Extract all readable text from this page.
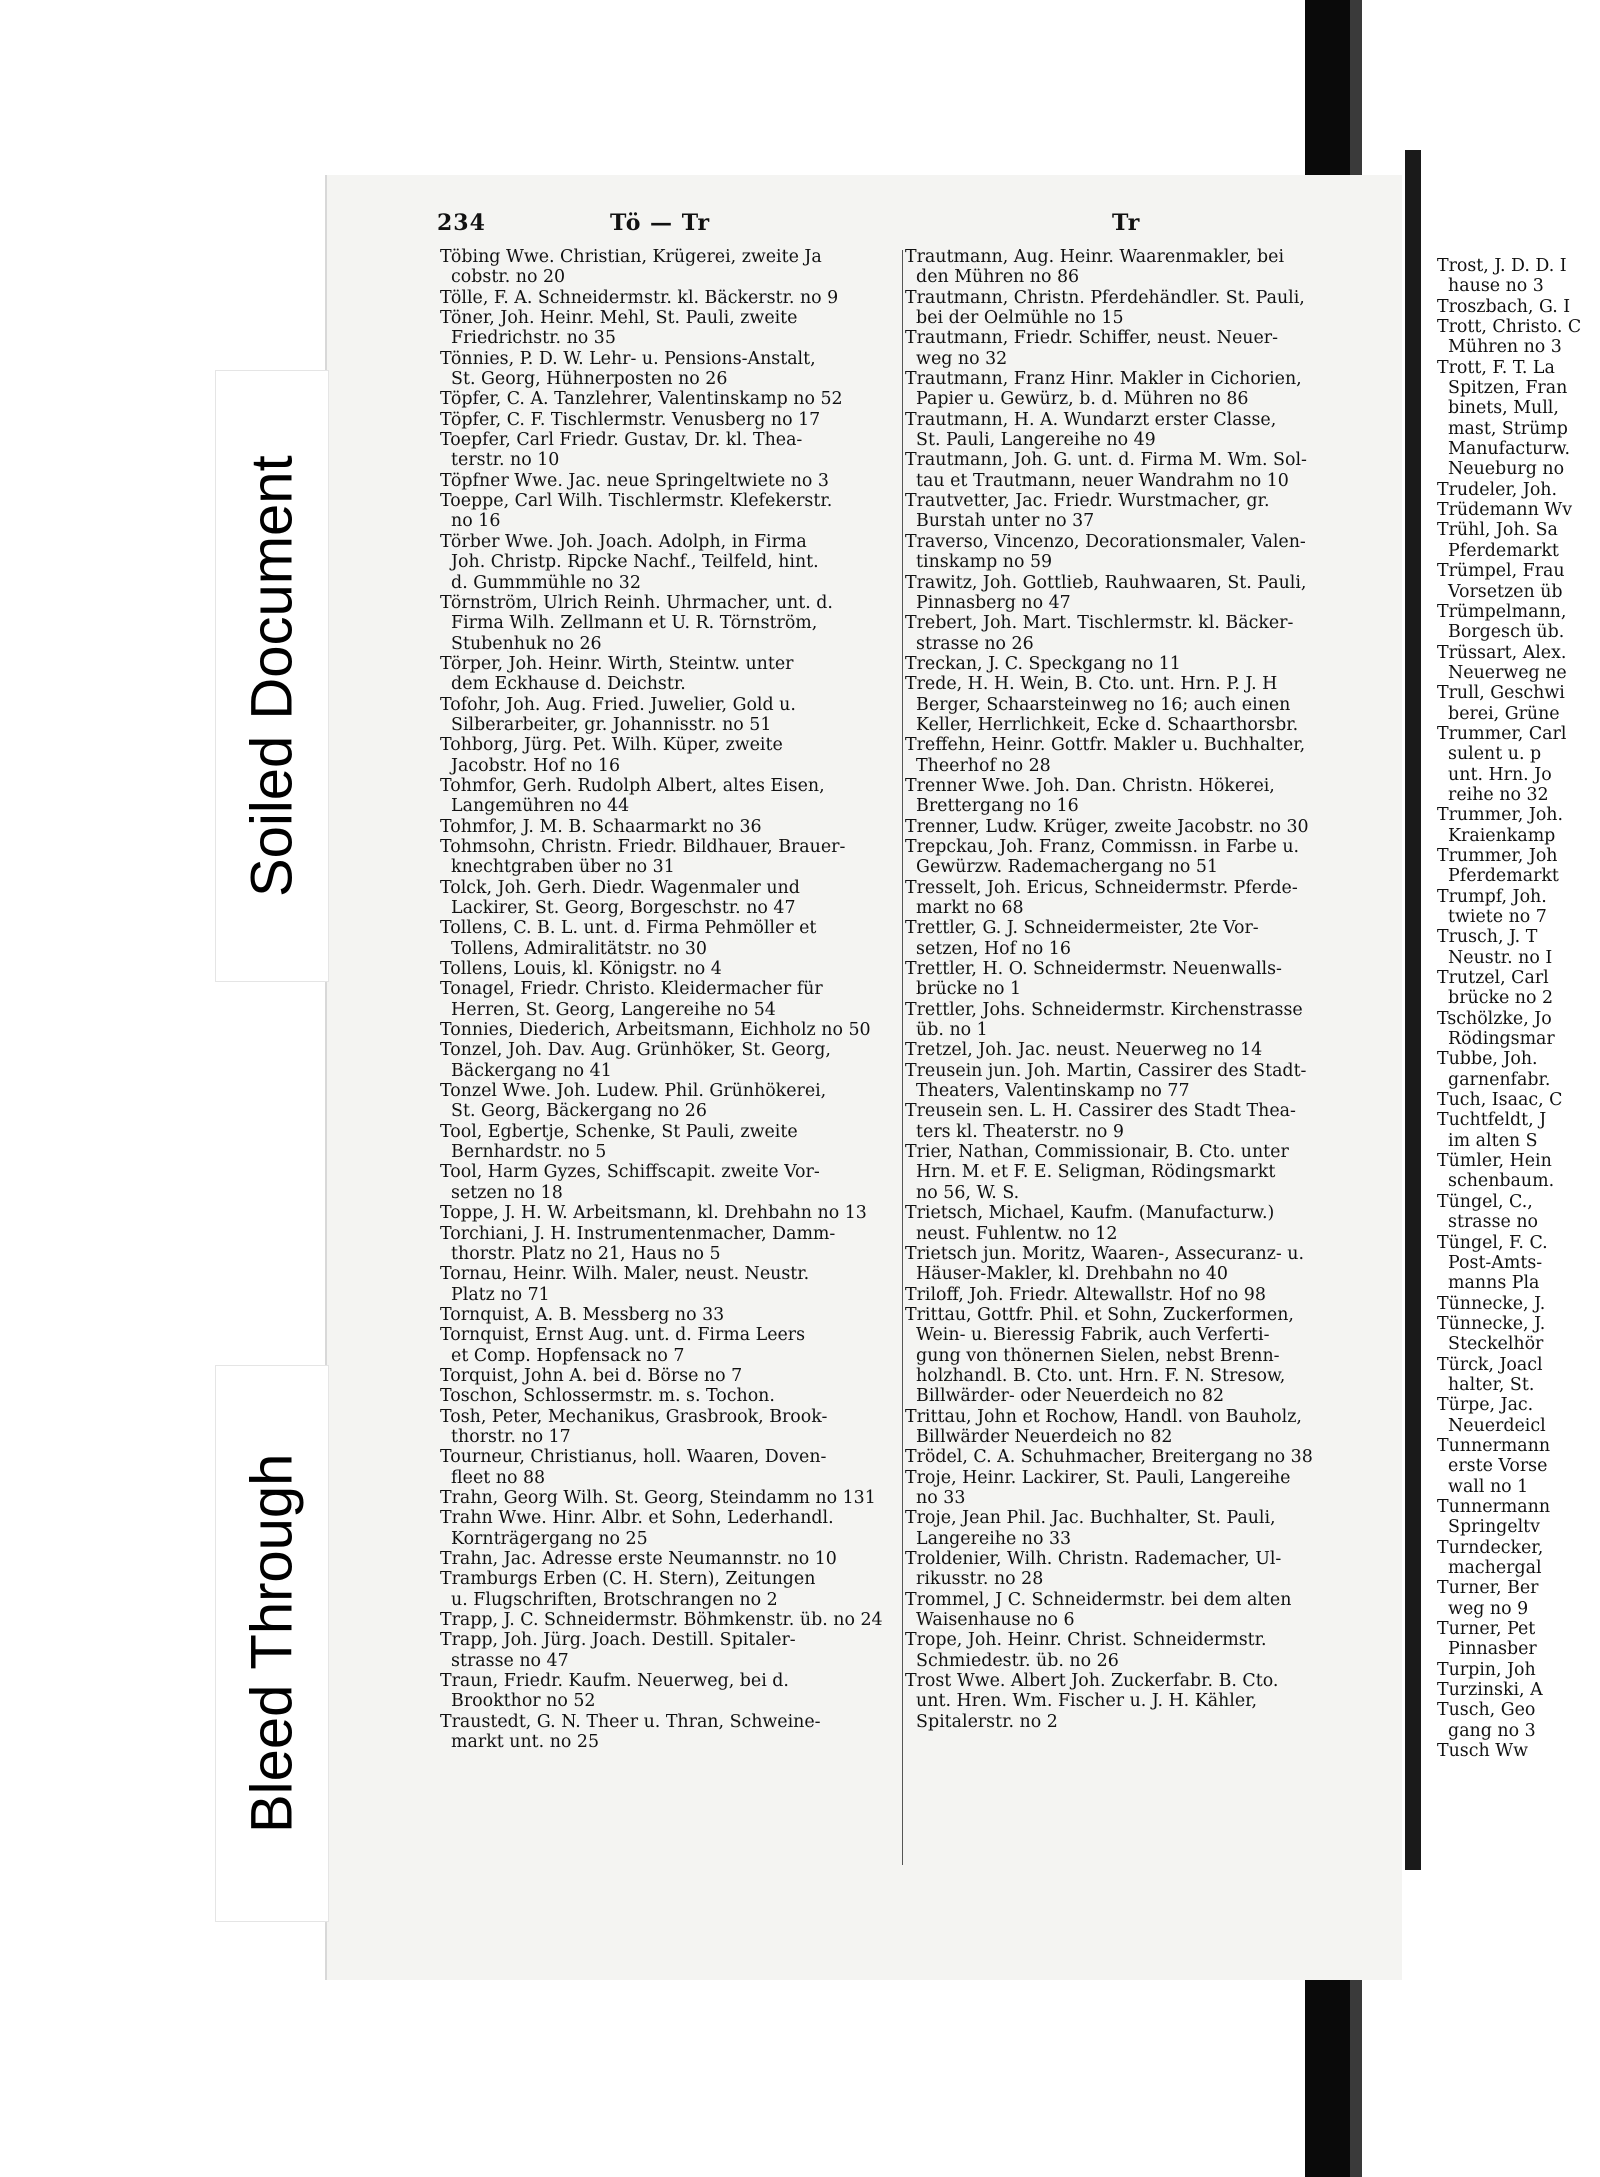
Soiled Document
Bleed Through
234	Tö — Tr	Tr
Töbing Wwe. Christian, Krügerei, zweite Ja
cobstr. no 20
Tölle, F. A. Schneidermstr. kl. Bäckerstr. no 9
Töner, Joh. Heinr. Mehl, St. Pauli, zweite
Friedrichstr. no 35
Tönnies, P. D. W. Lehr- u. Pensions-Anstalt,
St. Georg, Hühnerposten no 26
Töpfer, C. A. Tanzlehrer, Valentinskamp no 52
Töpfer, C. F. Tischlermstr. Venusberg no 17
Toepfer, Carl Friedr. Gustav, Dr. kl. Thea-
terstr. no 10
Töpfner Wwe. Jac. neue Springeltwiete no 3
Toeppe, Carl Wilh. Tischlermstr. Klefekerstr.
no 16
Törber Wwe. Joh. Joach. Adolph, in Firma
Joh. Christp. Ripcke Nachf., Teilfeld, hint.
d. Gummmühle no 32
Törnström, Ulrich Reinh. Uhrmacher, unt. d.
Firma Wilh. Zellmann et U. R. Törnström,
Stubenhuk no 26
Törper, Joh. Heinr. Wirth, Steintw. unter
dem Eckhause d. Deichstr.
Tofohr, Joh. Aug. Fried. Juwelier, Gold u.
Silberarbeiter, gr. Johannisstr. no 51
Tohborg, Jürg. Pet. Wilh. Küper, zweite
Jacobstr. Hof no 16
Tohmfor, Gerh. Rudolph Albert, altes Eisen,
Langemühren no 44
Tohmfor, J. M. B. Schaarmarkt no 36
Tohmsohn, Christn. Friedr. Bildhauer, Brauer-
knechtgraben über no 31
Tolck, Joh. Gerh. Diedr. Wagenmaler und
Lackirer, St. Georg, Borgeschstr. no 47
Tollens, C. B. L. unt. d. Firma Pehmöller et
Tollens, Admiralitätstr. no 30
Tollens, Louis, kl. Königstr. no 4
Tonagel, Friedr. Christo. Kleidermacher für
Herren, St. Georg, Langereihe no 54
Tonnies, Diederich, Arbeitsmann, Eichholz no 50
Tonzel, Joh. Dav. Aug. Grünhöker, St. Georg,
Bäckergang no 41
Tonzel Wwe. Joh. Ludew. Phil. Grünhökerei,
St. Georg, Bäckergang no 26
Tool, Egbertje, Schenke, St Pauli, zweite
Bernhardstr. no 5
Tool, Harm Gyzes, Schiffscapit. zweite Vor-
setzen no 18
Toppe, J. H. W. Arbeitsmann, kl. Drehbahn no 13
Torchiani, J. H. Instrumentenmacher, Damm-
thorstr. Platz no 21, Haus no 5
Tornau, Heinr. Wilh. Maler, neust. Neustr.
Platz no 71
Tornquist, A. B. Messberg no 33
Tornquist, Ernst Aug. unt. d. Firma Leers
et Comp. Hopfensack no 7
Torquist, John A. bei d. Börse no 7
Toschon, Schlossermstr. m. s. Tochon.
Tosh, Peter, Mechanikus, Grasbrook, Brook-
thorstr. no 17
Tourneur, Christianus, holl. Waaren, Doven-
fleet no 88
Trahn, Georg Wilh. St. Georg, Steindamm no 131
Trahn Wwe. Hinr. Albr. et Sohn, Lederhandl.
Kornträgergang no 25
Trahn, Jac. Adresse erste Neumannstr. no 10
Tramburgs Erben (C. H. Stern), Zeitungen
u. Flugschriften, Brotschrangen no 2
Trapp, J. C. Schneidermstr. Böhmkenstr. üb. no 24
Trapp, Joh. Jürg. Joach. Destill. Spitaler-
strasse no 47
Traun, Friedr. Kaufm. Neuerweg, bei d.
Brookthor no 52
Traustedt, G. N. Theer u. Thran, Schweine-
markt unt. no 25
Trautmann, Aug. Heinr. Waarenmakler, bei
den Mühren no 86
Trautmann, Christn. Pferdehändler. St. Pauli,
bei der Oelmühle no 15
Trautmann, Friedr. Schiffer, neust. Neuer-
weg no 32
Trautmann, Franz Hinr. Makler in Cichorien,
Papier u. Gewürz, b. d. Mühren no 86
Trautmann, H. A. Wundarzt erster Classe,
St. Pauli, Langereihe no 49
Trautmann, Joh. G. unt. d. Firma M. Wm. Sol-
tau et Trautmann, neuer Wandrahm no 10
Trautvetter, Jac. Friedr. Wurstmacher, gr.
Burstah unter no 37
Traverso, Vincenzo, Decorationsmaler, Valen-
tinskamp no 59
Trawitz, Joh. Gottlieb, Rauhwaaren, St. Pauli,
Pinnasberg no 47
Trebert, Joh. Mart. Tischlermstr. kl. Bäcker-
strasse no 26
Treckan, J. C. Speckgang no 11
Trede, H. H. Wein, B. Cto. unt. Hrn. P. J. H
Berger, Schaarsteinweg no 16; auch einen
Keller, Herrlichkeit, Ecke d. Schaarthorsbr.
Treffehn, Heinr. Gottfr. Makler u. Buchhalter,
Theerhof no 28
Trenner Wwe. Joh. Dan. Christn. Hökerei,
Brettergang no 16
Trenner, Ludw. Krüger, zweite Jacobstr. no 30
Trepckau, Joh. Franz, Commissn. in Farbe u.
Gewürzw. Rademachergang no 51
Tresselt, Joh. Ericus, Schneidermstr. Pferde-
markt no 68
Trettler, G. J. Schneidermeister, 2te Vor-
setzen, Hof no 16
Trettler, H. O. Schneidermstr. Neuenwalls-
brücke no 1
Trettler, Johs. Schneidermstr. Kirchenstrasse
üb. no 1
Tretzel, Joh. Jac. neust. Neuerweg no 14
Treusein jun. Joh. Martin, Cassirer des Stadt-
Theaters, Valentinskamp no 77
Treusein sen. L. H. Cassirer des Stadt Thea-
ters kl. Theaterstr. no 9
Trier, Nathan, Commissionair, B. Cto. unter
Hrn. M. et F. E. Seligman, Rödingsmarkt
no 56, W. S.
Trietsch, Michael, Kaufm. (Manufacturw.)
neust. Fuhlentw. no 12
Trietsch jun. Moritz, Waaren-, Assecuranz- u.
Häuser-Makler, kl. Drehbahn no 40
Triloff, Joh. Friedr. Altewallstr. Hof no 98
Trittau, Gottfr. Phil. et Sohn, Zuckerformen,
Wein- u. Bieressig Fabrik, auch Verferti-
gung von thönernen Sielen, nebst Brenn-
holzhandl. B. Cto. unt. Hrn. F. N. Stresow,
Billwärder- oder Neuerdeich no 82
Trittau, John et Rochow, Handl. von Bauholz,
Billwärder Neuerdeich no 82
Trödel, C. A. Schuhmacher, Breitergang no 38
Troje, Heinr. Lackirer, St. Pauli, Langereihe
no 33
Troje, Jean Phil. Jac. Buchhalter, St. Pauli,
Langereihe no 33
Troldenier, Wilh. Christn. Rademacher, Ul-
rikusstr. no 28
Trommel, J C. Schneidermstr. bei dem alten
Waisenhause no 6
Trope, Joh. Heinr. Christ. Schneidermstr.
Schmiedestr. üb. no 26
Trost Wwe. Albert Joh. Zuckerfabr. B. Cto.
unt. Hren. Wm. Fischer u. J. H. Kähler,
Spitalerstr. no 2
Trost, J. D. D. I
hause no 3
Troszbach, G. I
Trott, Christo. C
Mühren no 3
Trott, F. T. La
Spitzen, Fran
binets, Mull,
mast, Strümp
Manufacturw.
Neueburg no
Trudeler, Joh.
Trüdemann Wv
Trühl, Joh. Sa
Pferdemarkt
Trümpel, Frau
Vorsetzen üb
Trümpelmann,
Borgesch üb.
Trüssart, Alex.
Neuerweg ne
Trull, Geschwi
berei, Grüne
Trummer, Carl
sulent u. p
unt. Hrn. Jo
reihe no 32
Trummer, Joh.
Kraienkamp
Trummer, Joh
Pferdemarkt
Trumpf, Joh.
twiete no 7
Trusch, J. T
Neustr. no I
Trutzel, Carl
brücke no 2
Tschölzke, Jo
Rödingsmar
Tubbe, Joh.
garnenfabr.
Tuch, Isaac, C
Tuchtfeldt, J
im alten S
Tümler, Hein
schenbaum.
Tüngel, C.,
strasse no
Tüngel, F. C.
Post-Amts-
manns Pla
Tünnecke, J.
Tünnecke, J.
Steckelhör
Türck, Joacl
halter, St.
Türpe, Jac.
Neuerdeicl
Tunnermann
erste Vorse
wall no 1
Tunnermann
Springeltv
Turndecker,
machergal
Turner, Ber
weg no 9
Turner, Pet
Pinnasber
Turpin, Joh
Turzinski, A
Tusch, Geo
gang no 3
Tusch Ww
